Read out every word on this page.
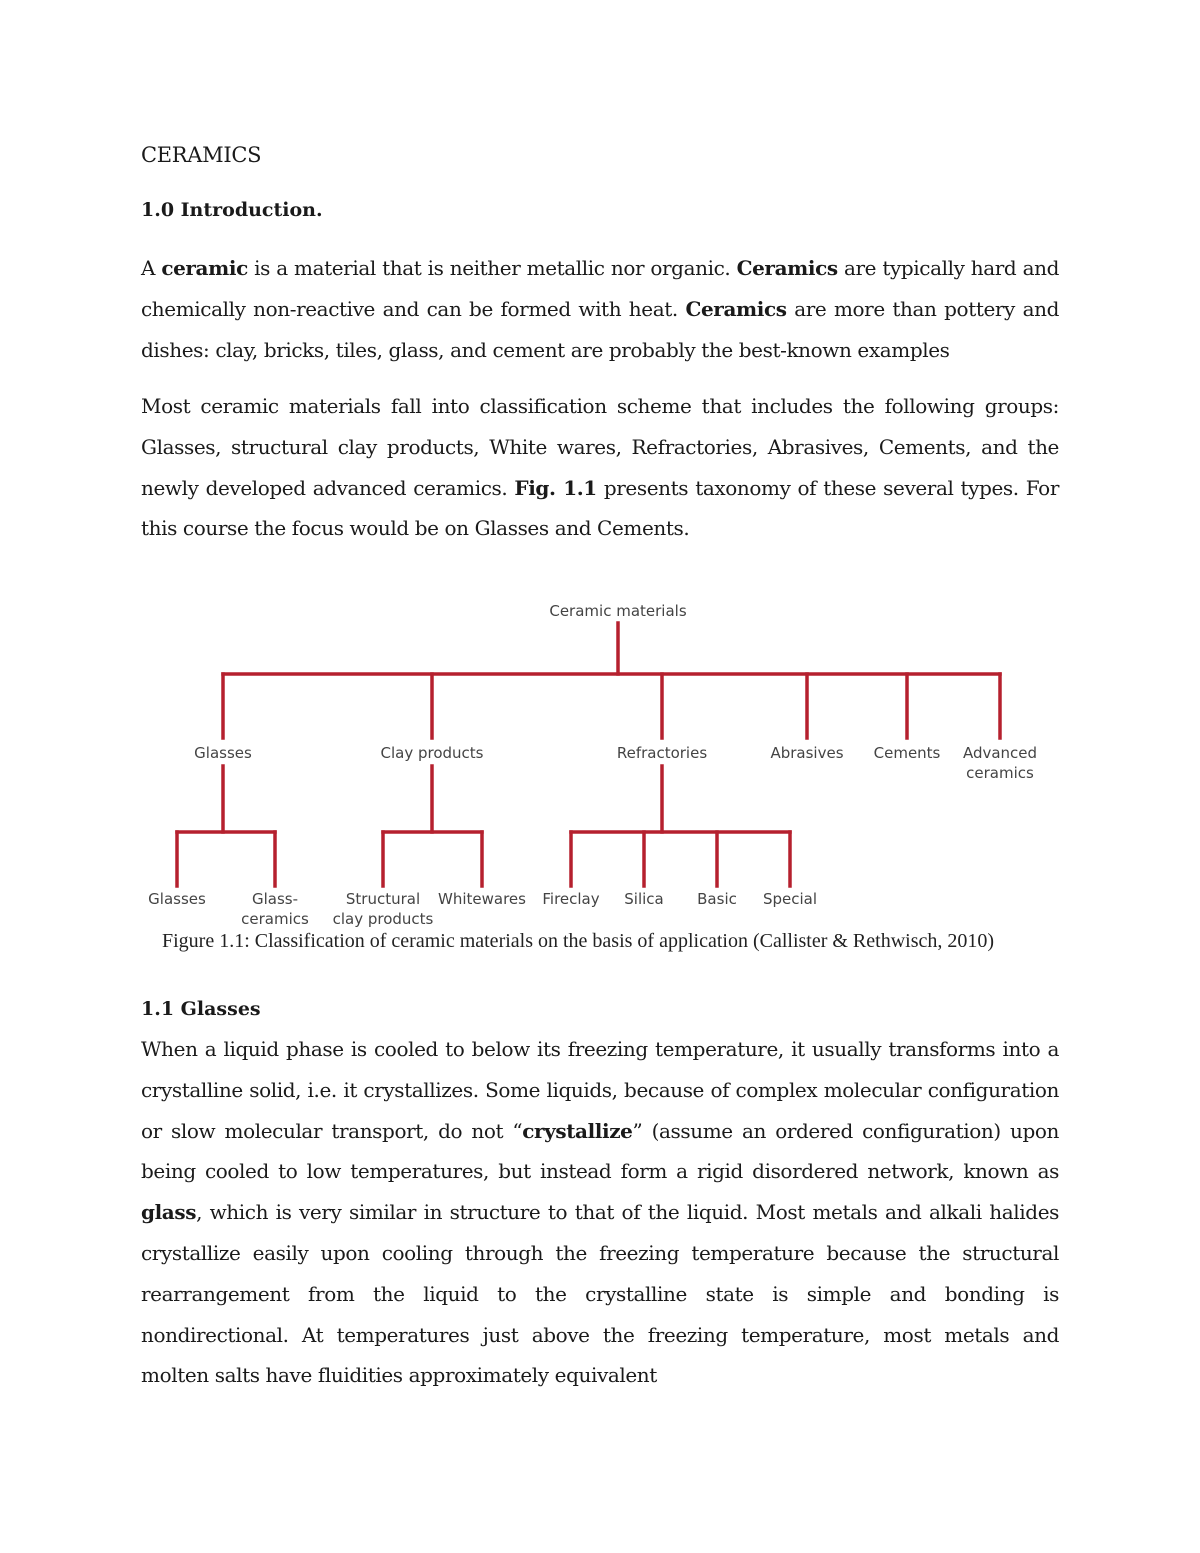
CERAMICS
1.0 Introduction.

A ceramic is a material that is neither metallic nor organic. Ceramics are typically hard and chemically non-reactive and can be formed with heat. Ceramics are more than pottery and dishes: clay, bricks, tiles, glass, and cement are probably the best-known examples

Most ceramic materials fall into classification scheme that includes the following groups: Glasses, structural clay products, White wares, Refractories, Abrasives, Cements, and the newly developed advanced ceramics. Fig. 1.1 presents taxonomy of these several types. For this course the focus would be on Glasses and Cements.

Ceramic materials
Glasses	Clay products	Refractories	Abrasives Cements Advanced
ceramics
Glasses	Glass-
ceramics
Structural
clay products
Whitewares Fireclay Silica Basic Special
Figure 1.1: Classification of ceramic materials on the basis of application (Callister & Rethwisch, 2010)
1.1 Glasses

When a liquid phase is cooled to below its freezing temperature, it usually transforms into a crystalline solid, i.e. it crystallizes. Some liquids, because of complex molecular configuration or slow molecular transport, do not “crystallize” (assume an ordered configuration) upon being cooled to low temperatures, but instead form a rigid disordered network, known as glass, which is very similar in structure to that of the liquid. Most metals and alkali halides crystallize easily upon cooling through the freezing temperature because the structural rearrangement from the liquid to the crystalline state is simple and bonding is nondirectional. At temperatures just above the freezing temperature, most metals and molten salts have fluidities approximately equivalent
